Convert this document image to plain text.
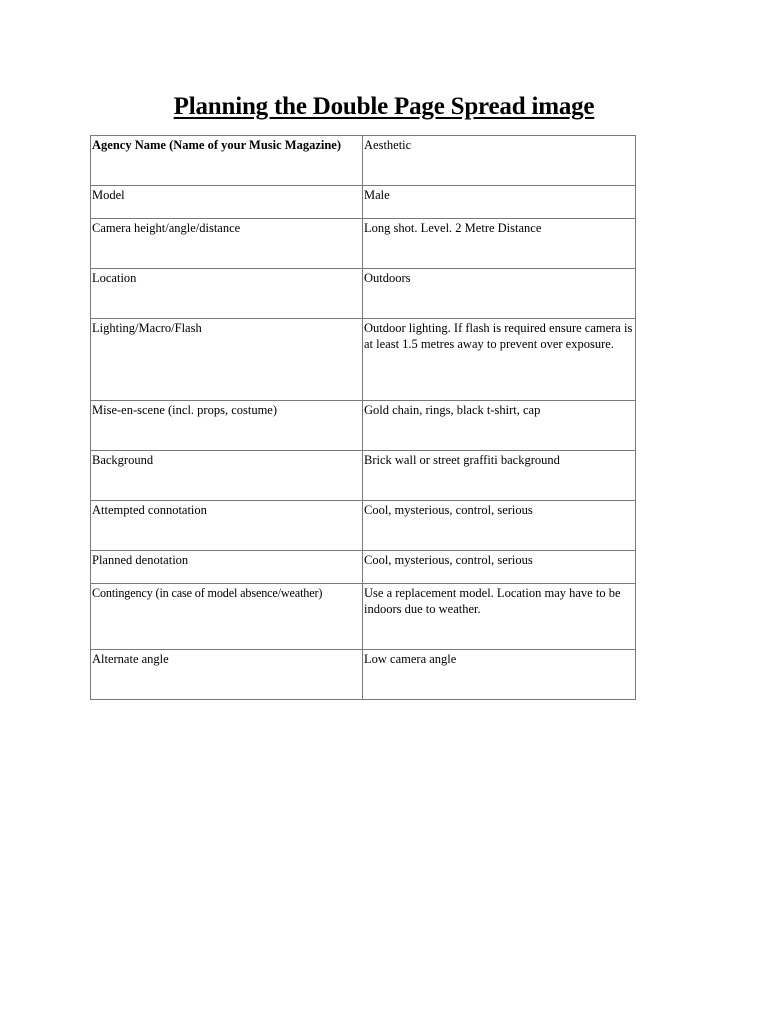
Planning the Double Page Spread image
Agency Name (Name of your Music Magazine)	Aesthetic
Model	Male
Camera height/angle/distance	Long shot. Level. 2 Metre Distance
Location	Outdoors
Lighting/Macro/Flash	Outdoor lighting. If flash is required ensure camera is at least 1.5 metres away to prevent over exposure.
Mise-en-scene (incl. props, costume)	Gold chain, rings, black t-shirt, cap
Background	Brick wall or street graffiti background
Attempted connotation	Cool, mysterious, control, serious
Planned denotation	Cool, mysterious, control, serious
Contingency (in case of model absence/weather)	Use a replacement model. Location may have to be indoors due to weather.
Alternate angle	Low camera angle
